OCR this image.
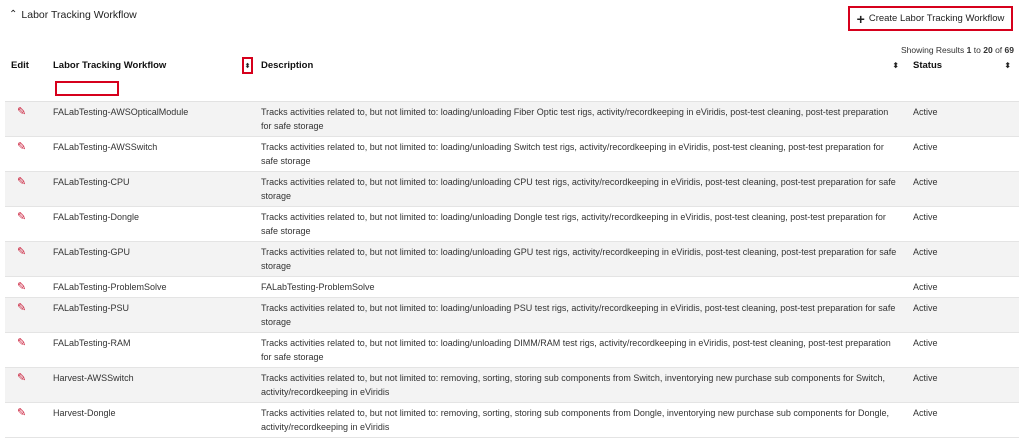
⌃ Labor Tracking Workflow	+ Create Labor Tracking Workflow
Showing Results 1 to 20 of 69
Edit	Labor Tracking Workflow ⬍	Description ⬍	Status ⬍

✎	FALabTesting-AWSOpticalModule	Tracks activities related to, but not limited to: loading/unloading Fiber Optic test rigs, activity/recordkeeping in eViridis, post-test cleaning, post-test preparation for safe storage	Active
✎	FALabTesting-AWSSwitch	Tracks activities related to, but not limited to: loading/unloading Switch test rigs, activity/recordkeeping in eViridis, post-test cleaning, post-test preparation for safe storage	Active
✎	FALabTesting-CPU	Tracks activities related to, but not limited to: loading/unloading CPU test rigs, activity/recordkeeping in eViridis, post-test cleaning, post-test preparation for safe storage	Active
✎	FALabTesting-Dongle	Tracks activities related to, but not limited to: loading/unloading Dongle test rigs, activity/recordkeeping in eViridis, post-test cleaning, post-test preparation for safe storage	Active
✎	FALabTesting-GPU	Tracks activities related to, but not limited to: loading/unloading GPU test rigs, activity/recordkeeping in eViridis, post-test cleaning, post-test preparation for safe storage	Active
✎	FALabTesting-ProblemSolve	FALabTesting-ProblemSolve	Active
✎	FALabTesting-PSU	Tracks activities related to, but not limited to: loading/unloading PSU test rigs, activity/recordkeeping in eViridis, post-test cleaning, post-test preparation for safe storage	Active
✎	FALabTesting-RAM	Tracks activities related to, but not limited to: loading/unloading DIMM/RAM test rigs, activity/recordkeeping in eViridis, post-test cleaning, post-test preparation for safe storage	Active
✎	Harvest-AWSSwitch	Tracks activities related to, but not limited to: removing, sorting, storing sub components from Switch, inventorying new purchase sub components for Switch, activity/recordkeeping in eViridis	Active
✎	Harvest-Dongle	Tracks activities related to, but not limited to: removing, sorting, storing sub components from Dongle, inventorying new purchase sub components for Dongle, activity/recordkeeping in eViridis	Active
